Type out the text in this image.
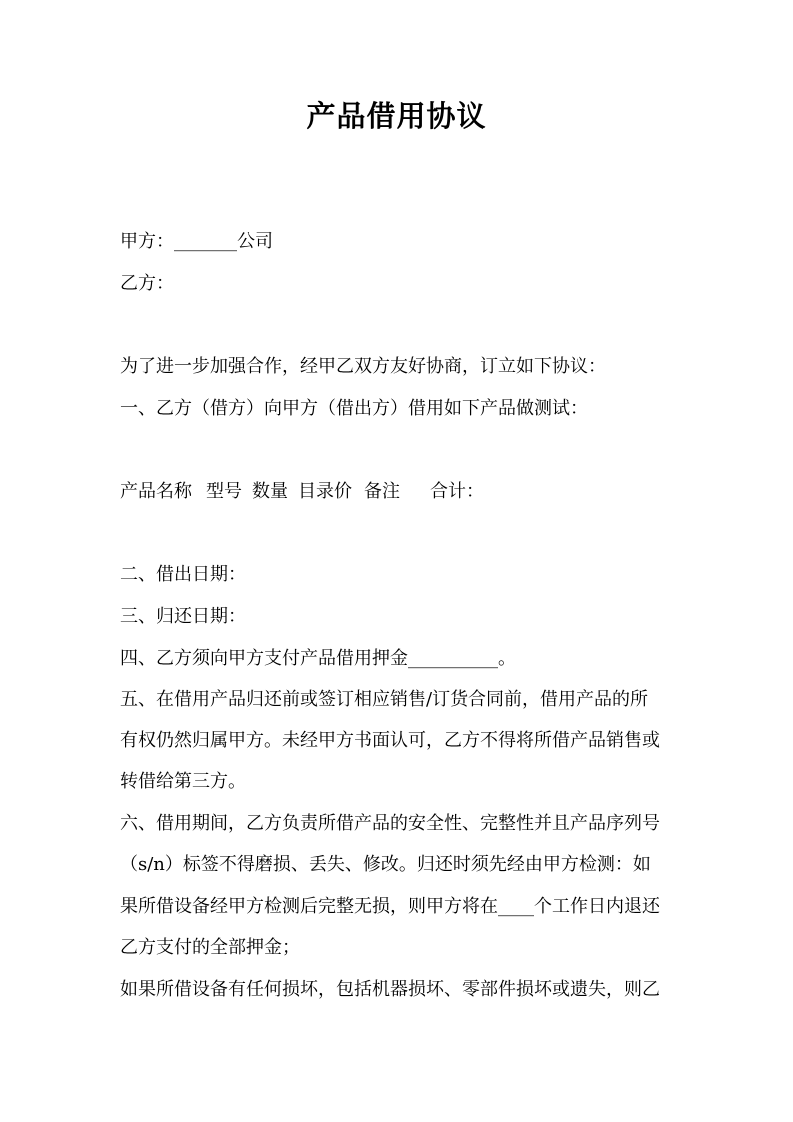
产品借用协议
甲方：_______公司
乙方：
为了进一步加强合作，经甲乙双方友好协商，订立如下协议：
一、乙方（借方）向甲方（借出方）借用如下产品做测试：
产品名称 型号 数量 目录价 备注 合计：
二、借出日期：
三、归还日期：
四、乙方须向甲方支付产品借用押金__________。
五、在借用产品归还前或签订相应销售/订货合同前，借用产品的所
有权仍然归属甲方。未经甲方书面认可，乙方不得将所借产品销售或
转借给第三方。
六、借用期间，乙方负责所借产品的安全性、完整性并且产品序列号
（s/n）标签不得磨损、丢失、修改。归还时须先经由甲方检测：如
果所借设备经甲方检测后完整无损，则甲方将在____个工作日内退还
乙方支付的全部押金；
如果所借设备有任何损坏，包括机器损坏、零部件损坏或遗失，则乙
